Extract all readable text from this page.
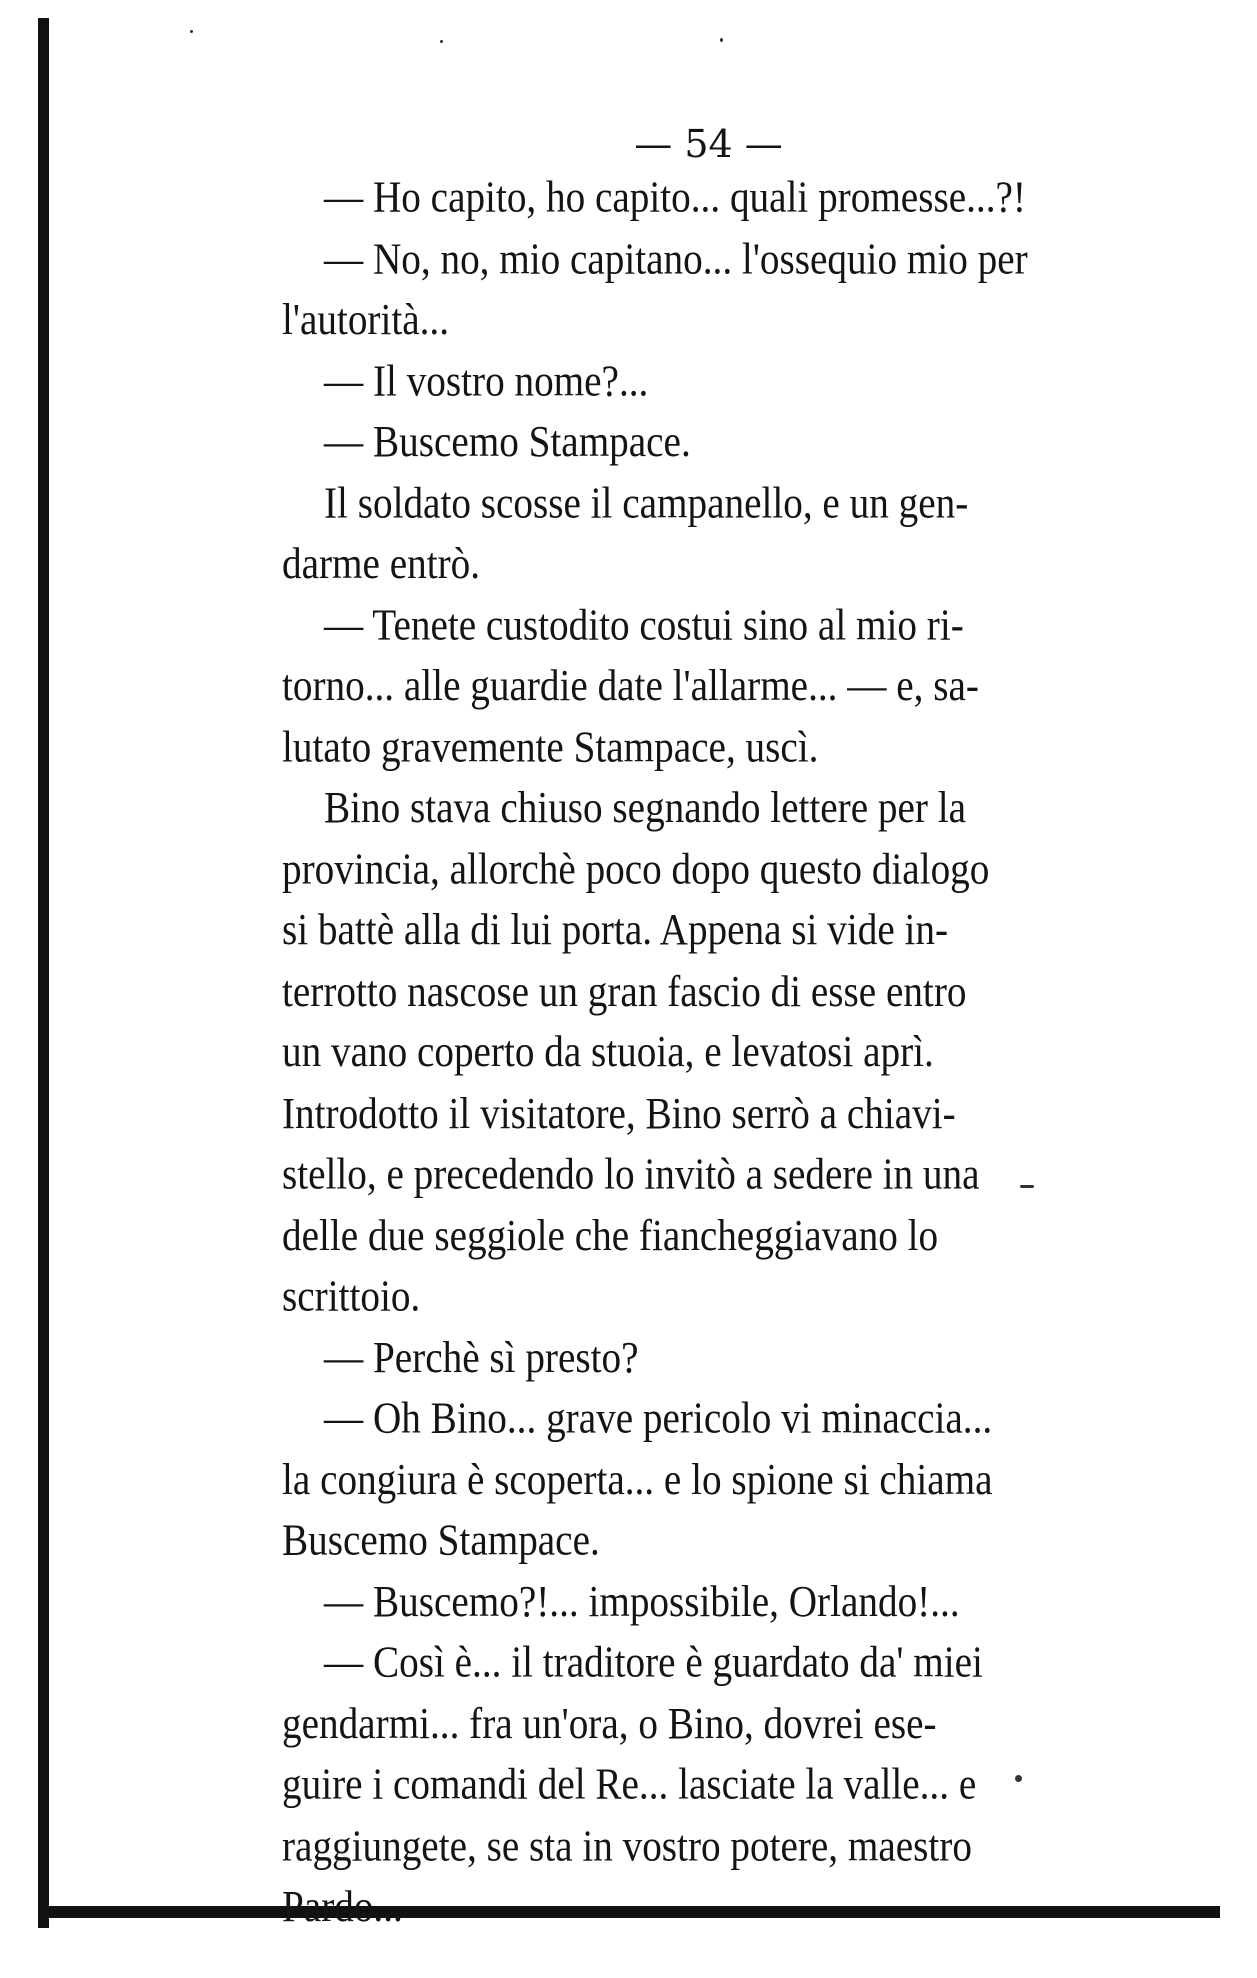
— 54 —
— Ho capito, ho capito... quali promesse...?!
— No, no, mio capitano... l'ossequio mio per
l'autorità...
— Il vostro nome?...
— Buscemo Stampace.
Il soldato scosse il campanello, e un gen-
darme entrò.
— Tenete custodito costui sino al mio ri-
torno... alle guardie date l'allarme... — e, sa-
lutato gravemente Stampace, uscì.
Bino stava chiuso segnando lettere per la
provincia, allorchè poco dopo questo dialogo
si battè alla di lui porta. Appena si vide in-
terrotto nascose un gran fascio di esse entro
un vano coperto da stuoia, e levatosi aprì.
Introdotto il visitatore, Bino serrò a chiavi-
stello, e precedendo lo invitò a sedere in una
delle due seggiole che fiancheggiavano lo
scrittoio.
— Perchè sì presto?
— Oh Bino... grave pericolo vi minaccia...
la congiura è scoperta... e lo spione si chiama
Buscemo Stampace.
— Buscemo?!... impossibile, Orlando!...
— Così è... il traditore è guardato da' miei
gendarmi... fra un'ora, o Bino, dovrei ese-
guire i comandi del Re... lasciate la valle... e
raggiungete, se sta in vostro potere, maestro
Pardo...
